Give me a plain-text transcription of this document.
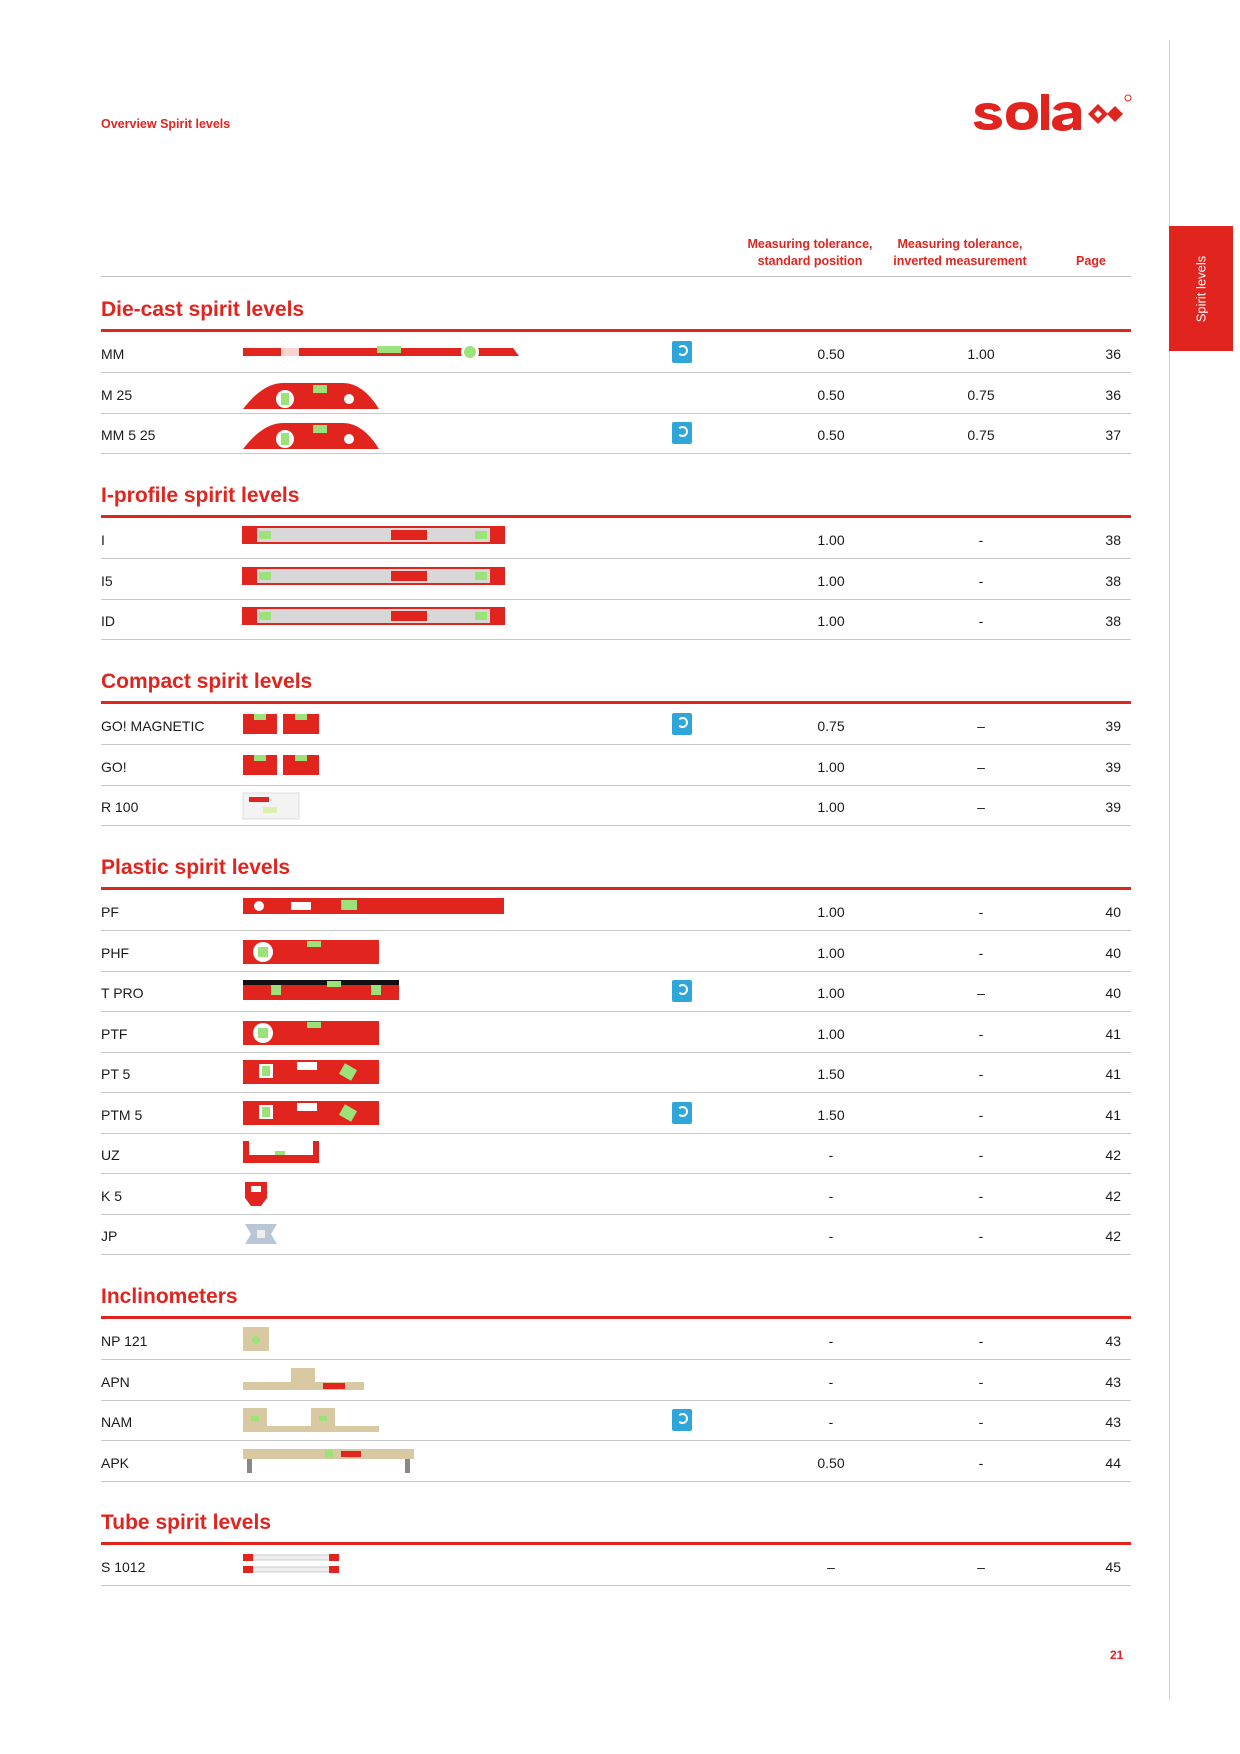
Overview Spirit levels
Spirit levels
Measuring tolerance,
standard position
Measuring tolerance,
inverted measurement	Page
Die-cast spirit levels
MM	0.50	1.00	36
M 25	0.50	0.75	36
MM 5 25	0.50	0.75	37
I-profile spirit levels
I	1.00	-	38
I5	1.00	-	38
ID	1.00	-	38
Compact spirit levels
GO! MAGNETIC	0.75	–	39
GO!	1.00	–	39
R 100	1.00	–	39
Plastic spirit levels
PF	1.00	-	40
PHF	1.00	-	40
T PRO	1.00	–	40
PTF	1.00	-	41
PT 5	1.50	-	41
PTM 5	1.50	-	41
UZ	-	-	42
K 5	-	-	42
JP	-	-	42
Inclinometers
NP 121	-	-	43
APN	-	-	43
NAM	-	-	43
APK	0.50	-	44
Tube spirit levels
S 1012	–	–	45
21
